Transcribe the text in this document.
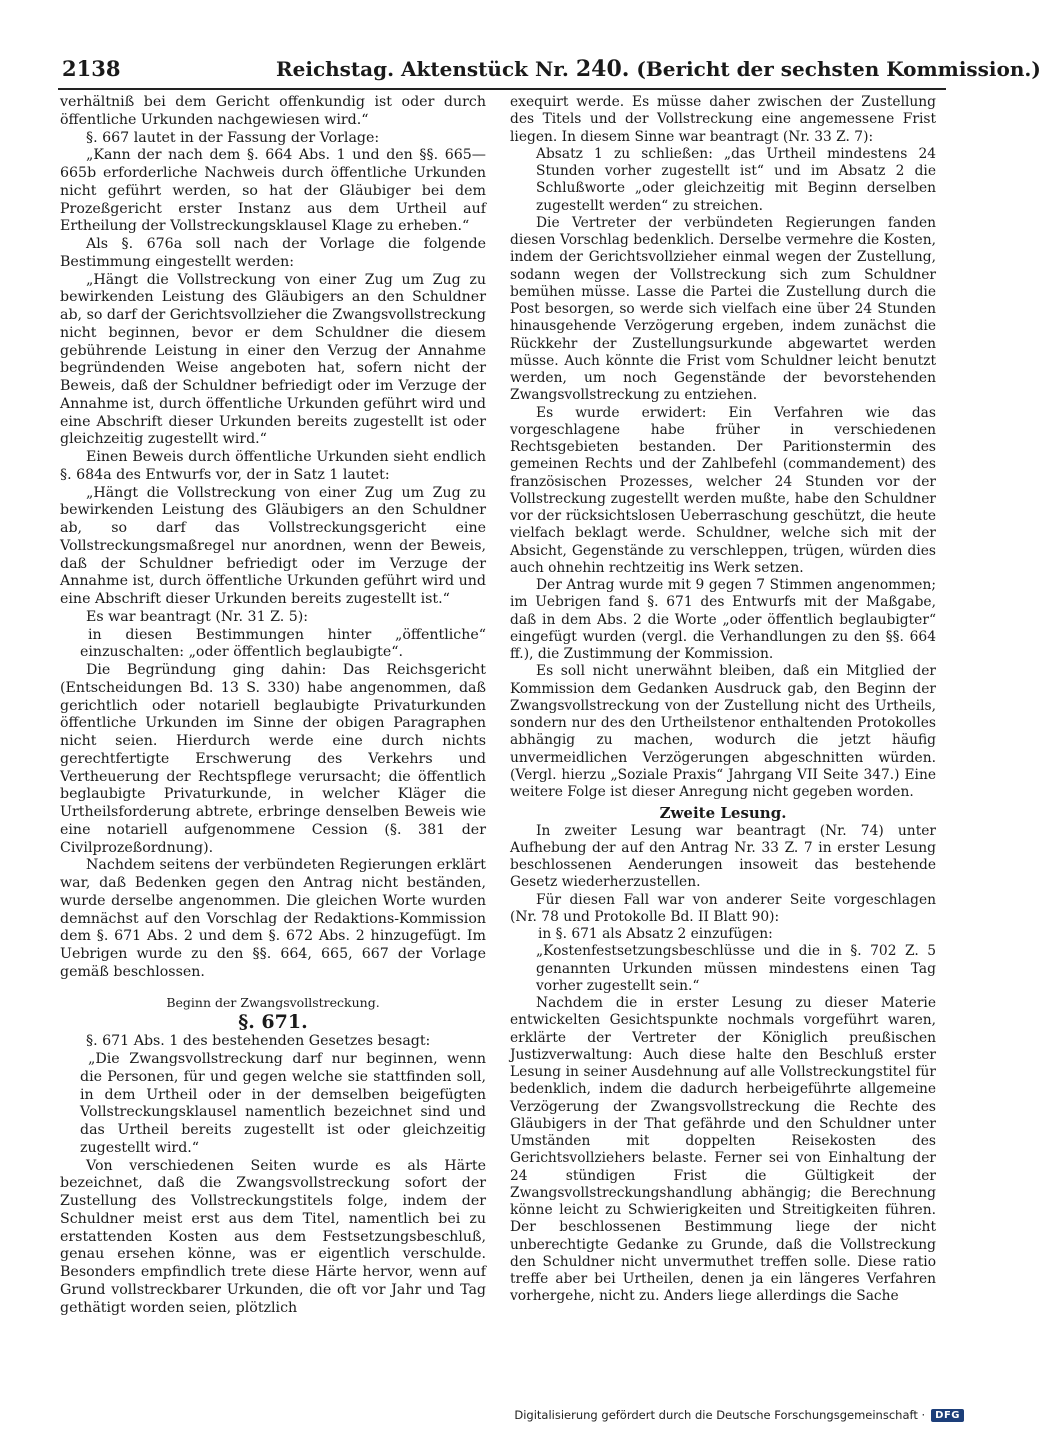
2138	Reichstag. Aktenstück Nr. 240. (Bericht der sechsten Kommission.)
verhältniß bei dem Gericht offenkundig ist oder durch öffentliche Urkunden nachgewiesen wird.“
§. 667 lautet in der Fassung der Vorlage:
„Kann der nach dem §. 664 Abs. 1 und den §§. 665—665b erforderliche Nachweis durch öffentliche Urkunden nicht geführt werden, so hat der Gläubiger bei dem Prozeßgericht erster Instanz aus dem Urtheil auf Ertheilung der Vollstreckungsklausel Klage zu erheben.“
Als §. 676a soll nach der Vorlage die folgende Bestimmung eingestellt werden:
„Hängt die Vollstreckung von einer Zug um Zug zu bewirkenden Leistung des Gläubigers an den Schuldner ab, so darf der Gerichtsvollzieher die Zwangsvollstreckung nicht beginnen, bevor er dem Schuldner die diesem gebührende Leistung in einer den Verzug der Annahme begründenden Weise angeboten hat, sofern nicht der Beweis, daß der Schuldner befriedigt oder im Verzuge der Annahme ist, durch öffentliche Urkunden geführt wird und eine Abschrift dieser Urkunden bereits zugestellt ist oder gleichzeitig zugestellt wird.“
Einen Beweis durch öffentliche Urkunden sieht endlich §. 684a des Entwurfs vor, der in Satz 1 lautet:
„Hängt die Vollstreckung von einer Zug um Zug zu bewirkenden Leistung des Gläubigers an den Schuldner ab, so darf das Vollstreckungsgericht eine Vollstreckungsmaßregel nur anordnen, wenn der Beweis, daß der Schuldner befriedigt oder im Verzuge der Annahme ist, durch öffentliche Urkunden geführt wird und eine Abschrift dieser Urkunden bereits zugestellt ist.“
Es war beantragt (Nr. 31 Z. 5):
in diesen Bestimmungen hinter „öffentliche“ einzuschalten: „oder öffentlich beglaubigte“.
Die Begründung ging dahin: Das Reichsgericht (Entscheidungen Bd. 13 S. 330) habe angenommen, daß gerichtlich oder notariell beglaubigte Privaturkunden öffentliche Urkunden im Sinne der obigen Paragraphen nicht seien. Hierdurch werde eine durch nichts gerechtfertigte Erschwerung des Verkehrs und Vertheuerung der Rechtspflege verursacht; die öffentlich beglaubigte Privaturkunde, in welcher Kläger die Urtheilsforderung abtrete, erbringe denselben Beweis wie eine notariell aufgenommene Cession (§. 381 der Civilprozeßordnung).
Nachdem seitens der verbündeten Regierungen erklärt war, daß Bedenken gegen den Antrag nicht beständen, wurde derselbe angenommen. Die gleichen Worte wurden demnächst auf den Vorschlag der Redaktions-Kommission dem §. 671 Abs. 2 und dem §. 672 Abs. 2 hinzugefügt. Im Uebrigen wurde zu den §§. 664, 665, 667 der Vorlage gemäß beschlossen.
Beginn der Zwangsvollstreckung.
§. 671.
§. 671 Abs. 1 des bestehenden Gesetzes besagt:
„Die Zwangsvollstreckung darf nur beginnen, wenn die Personen, für und gegen welche sie stattfinden soll, in dem Urtheil oder in der demselben beigefügten Vollstreckungsklausel namentlich bezeichnet sind und das Urtheil bereits zugestellt ist oder gleichzeitig zugestellt wird.“
Von verschiedenen Seiten wurde es als Härte bezeichnet, daß die Zwangsvollstreckung sofort der Zustellung des Vollstreckungstitels folge, indem der Schuldner meist erst aus dem Titel, namentlich bei zu erstattenden Kosten aus dem Festsetzungsbeschluß, genau ersehen könne, was er eigentlich verschulde. Besonders empfindlich trete diese Härte hervor, wenn auf Grund vollstreckbarer Urkunden, die oft vor Jahr und Tag gethätigt worden seien, plötzlich
exequirt werde. Es müsse daher zwischen der Zustellung des Titels und der Vollstreckung eine angemessene Frist liegen. In diesem Sinne war beantragt (Nr. 33 Z. 7):
Absatz 1 zu schließen: „das Urtheil mindestens 24 Stunden vorher zugestellt ist“ und im Absatz 2 die Schlußworte „oder gleichzeitig mit Beginn derselben zugestellt werden“ zu streichen.
Die Vertreter der verbündeten Regierungen fanden diesen Vorschlag bedenklich. Derselbe vermehre die Kosten, indem der Gerichtsvollzieher einmal wegen der Zustellung, sodann wegen der Vollstreckung sich zum Schuldner bemühen müsse. Lasse die Partei die Zustellung durch die Post besorgen, so werde sich vielfach eine über 24 Stunden hinausgehende Verzögerung ergeben, indem zunächst die Rückkehr der Zustellungsurkunde abgewartet werden müsse. Auch könnte die Frist vom Schuldner leicht benutzt werden, um noch Gegenstände der bevorstehenden Zwangsvollstreckung zu entziehen.
Es wurde erwidert: Ein Verfahren wie das vorgeschlagene habe früher in verschiedenen Rechtsgebieten bestanden. Der Paritionstermin des gemeinen Rechts und der Zahlbefehl (commandement) des französischen Prozesses, welcher 24 Stunden vor der Vollstreckung zugestellt werden mußte, habe den Schuldner vor der rücksichtslosen Ueberraschung geschützt, die heute vielfach beklagt werde. Schuldner, welche sich mit der Absicht, Gegenstände zu verschleppen, trügen, würden dies auch ohnehin rechtzeitig ins Werk setzen.
Der Antrag wurde mit 9 gegen 7 Stimmen angenommen; im Uebrigen fand §. 671 des Entwurfs mit der Maßgabe, daß in dem Abs. 2 die Worte „oder öffentlich beglaubigter“ eingefügt wurden (vergl. die Verhandlungen zu den §§. 664 ff.), die Zustimmung der Kommission.
Es soll nicht unerwähnt bleiben, daß ein Mitglied der Kommission dem Gedanken Ausdruck gab, den Beginn der Zwangsvollstreckung von der Zustellung nicht des Urtheils, sondern nur des den Urtheilstenor enthaltenden Protokolles abhängig zu machen, wodurch die jetzt häufig unvermeidlichen Verzögerungen abgeschnitten würden. (Vergl. hierzu „Soziale Praxis“ Jahrgang VII Seite 347.) Eine weitere Folge ist dieser Anregung nicht gegeben worden.
Zweite Lesung.
In zweiter Lesung war beantragt (Nr. 74) unter Aufhebung der auf den Antrag Nr. 33 Z. 7 in erster Lesung beschlossenen Aenderungen insoweit das bestehende Gesetz wiederherzustellen.
Für diesen Fall war von anderer Seite vorgeschlagen (Nr. 78 und Protokolle Bd. II Blatt 90):
in §. 671 als Absatz 2 einzufügen:
„Kostenfestsetzungsbeschlüsse und die in §. 702 Z. 5 genannten Urkunden müssen mindestens einen Tag vorher zugestellt sein.“
Nachdem die in erster Lesung zu dieser Materie entwickelten Gesichtspunkte nochmals vorgeführt waren, erklärte der Vertreter der Königlich preußischen Justizverwaltung: Auch diese halte den Beschluß erster Lesung in seiner Ausdehnung auf alle Vollstreckungstitel für bedenklich, indem die dadurch herbeigeführte allgemeine Verzögerung der Zwangsvollstreckung die Rechte des Gläubigers in der That gefährde und den Schuldner unter Umständen mit doppelten Reisekosten des Gerichtsvollziehers belaste. Ferner sei von Einhaltung der 24 stündigen Frist die Gültigkeit der Zwangsvollstreckungshandlung abhängig; die Berechnung könne leicht zu Schwierigkeiten und Streitigkeiten führen. Der beschlossenen Bestimmung liege der nicht unberechtigte Gedanke zu Grunde, daß die Vollstreckung den Schuldner nicht unvermuthet treffen solle. Diese ratio treffe aber bei Urtheilen, denen ja ein längeres Verfahren vorhergehe, nicht zu. Anders liege allerdings die Sache
Digitalisierung gefördert durch die Deutsche Forschungsgemeinschaft ·	DFG
